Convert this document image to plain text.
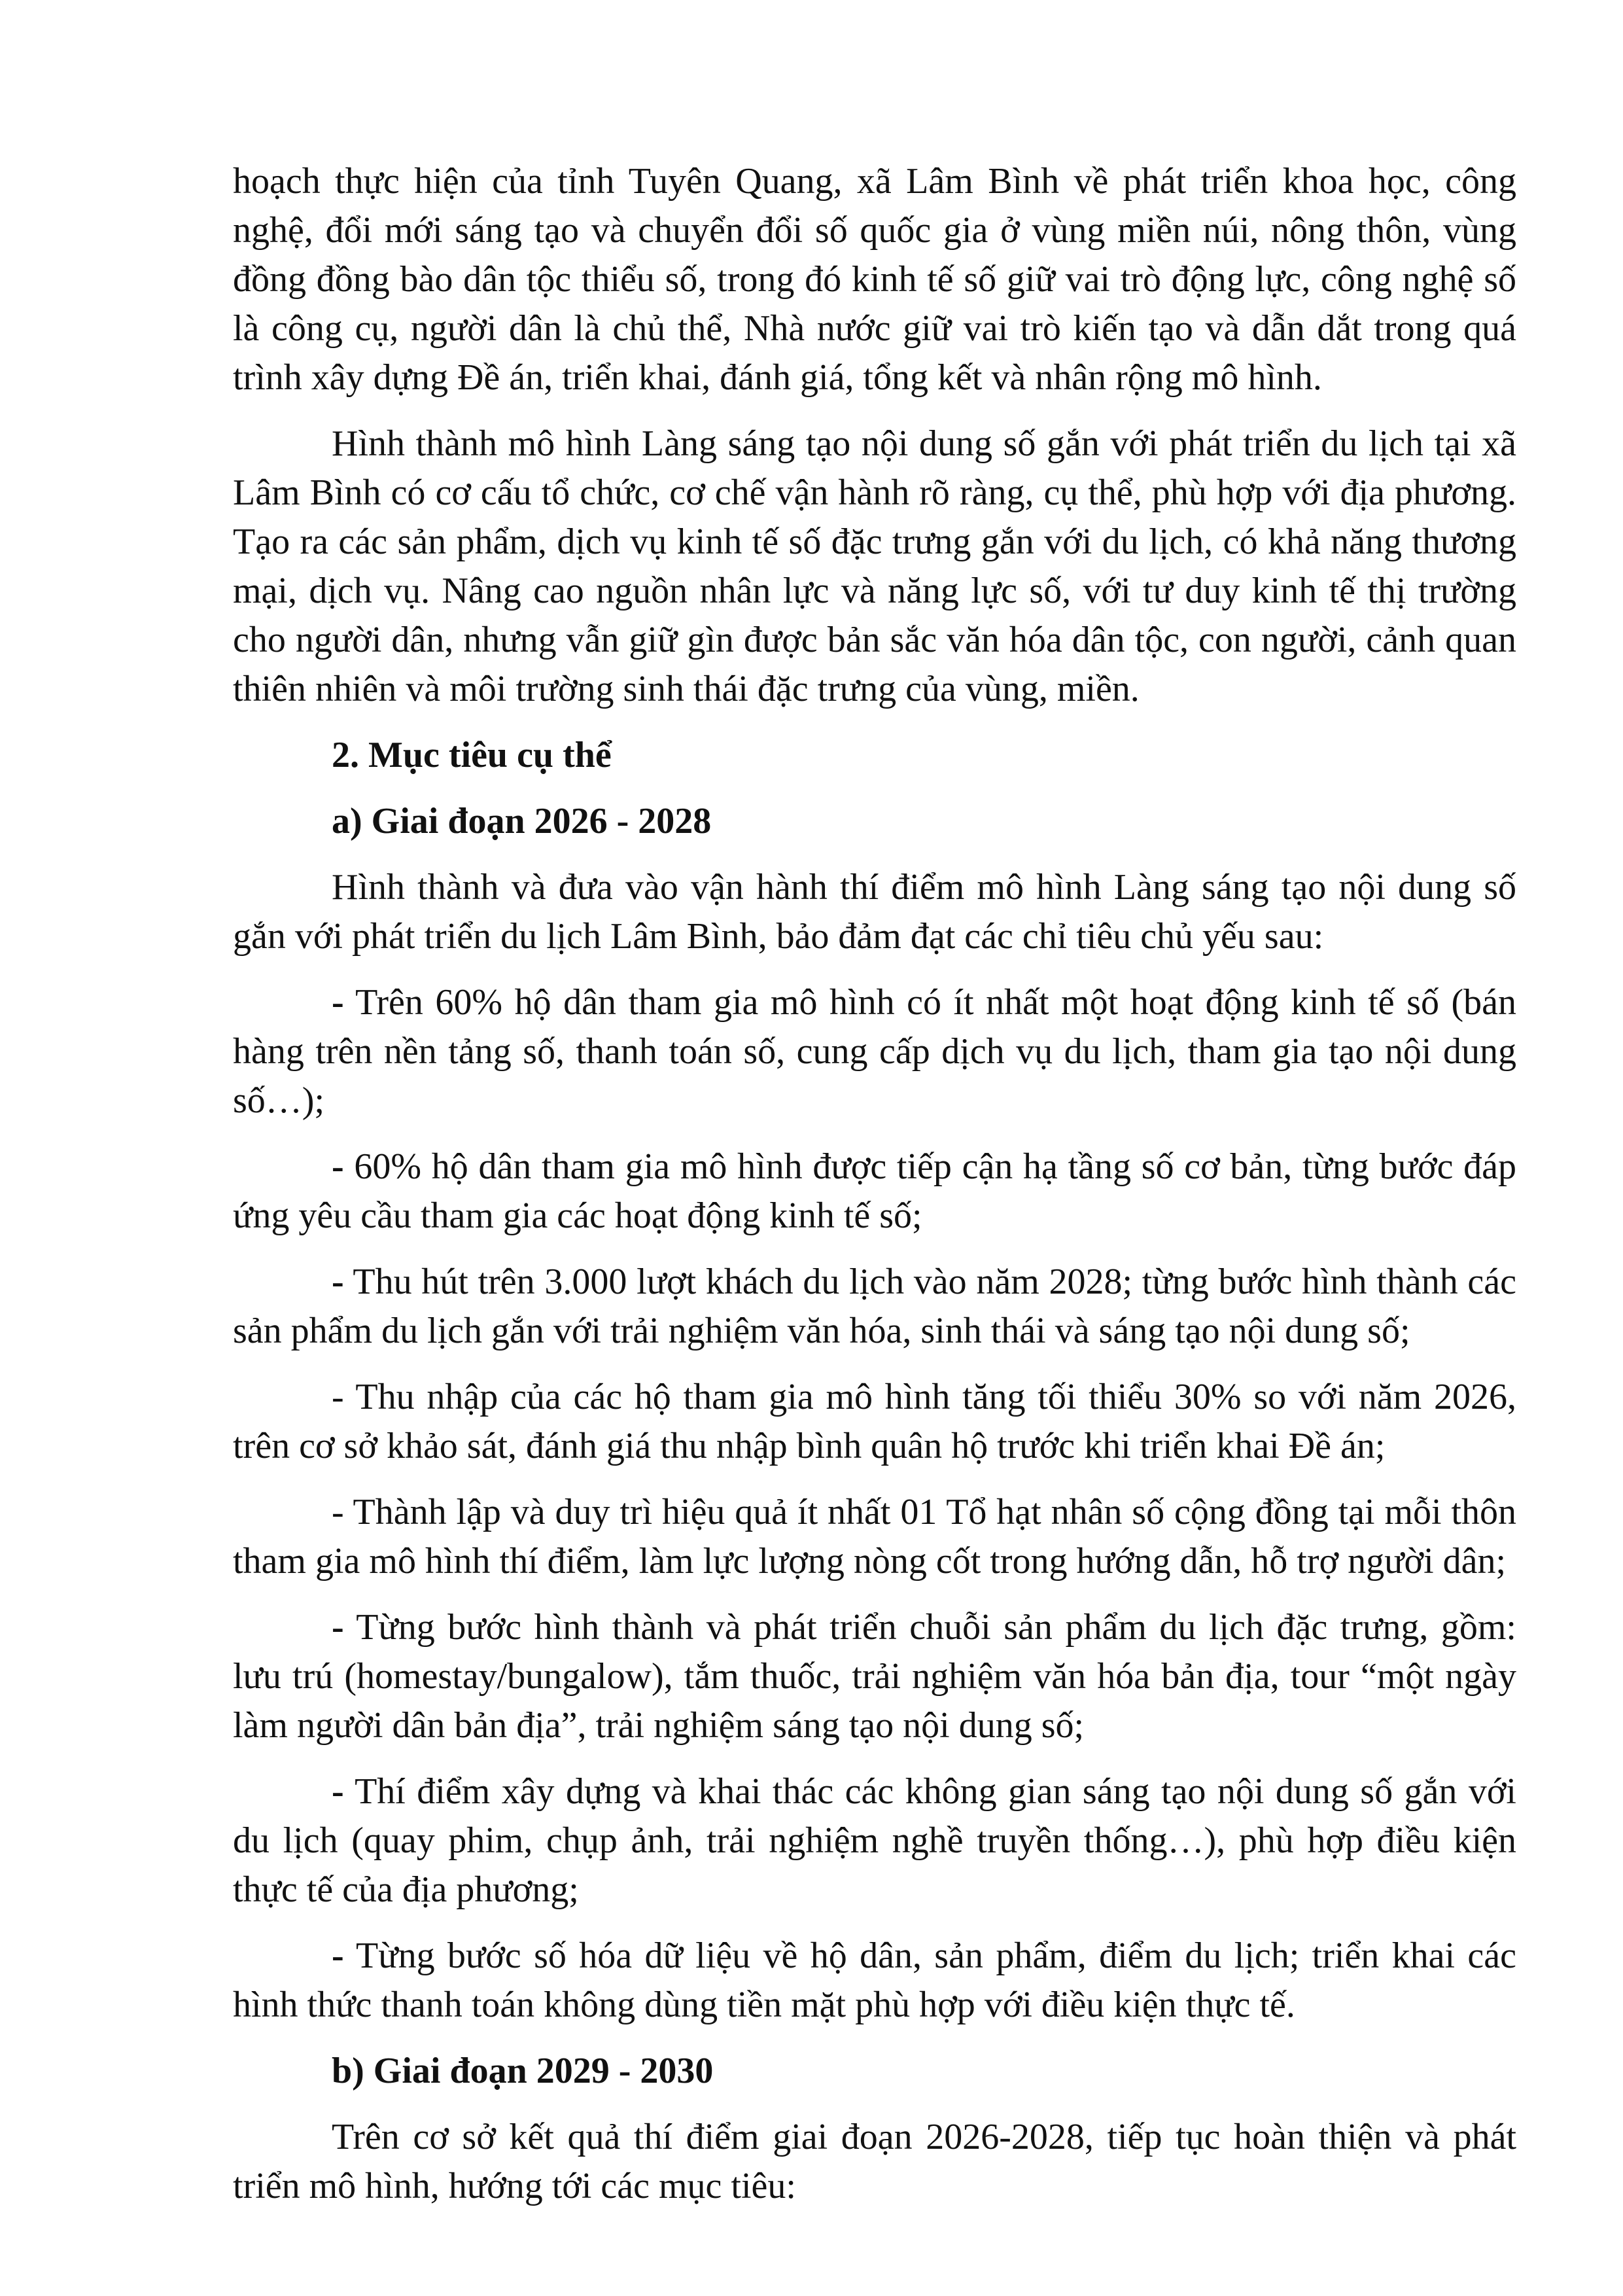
hoạch thực hiện của tỉnh Tuyên Quang, xã Lâm Bình về phát triển khoa học, công nghệ, đổi mới sáng tạo và chuyển đổi số quốc gia ở vùng miền núi, nông thôn, vùng đồng đồng bào dân tộc thiểu số, trong đó kinh tế số giữ vai trò động lực, công nghệ số là công cụ, người dân là chủ thể, Nhà nước giữ vai trò kiến tạo và dẫn dắt trong quá trình xây dựng Đề án, triển khai, đánh giá, tổng kết và nhân rộng mô hình.

Hình thành mô hình Làng sáng tạo nội dung số gắn với phát triển du lịch tại xã Lâm Bình có cơ cấu tổ chức, cơ chế vận hành rõ ràng, cụ thể, phù hợp với địa phương. Tạo ra các sản phẩm, dịch vụ kinh tế số đặc trưng gắn với du lịch, có khả năng thương mại, dịch vụ. Nâng cao nguồn nhân lực và năng lực số, với tư duy kinh tế thị trường cho người dân, nhưng vẫn giữ gìn được bản sắc văn hóa dân tộc, con người, cảnh quan thiên nhiên và môi trường sinh thái đặc trưng của vùng, miền.

2. Mục tiêu cụ thể

a) Giai đoạn 2026 - 2028

Hình thành và đưa vào vận hành thí điểm mô hình Làng sáng tạo nội dung số gắn với phát triển du lịch Lâm Bình, bảo đảm đạt các chỉ tiêu chủ yếu sau:

- Trên 60% hộ dân tham gia mô hình có ít nhất một hoạt động kinh tế số (bán hàng trên nền tảng số, thanh toán số, cung cấp dịch vụ du lịch, tham gia tạo nội dung số…);

- 60% hộ dân tham gia mô hình được tiếp cận hạ tầng số cơ bản, từng bước đáp ứng yêu cầu tham gia các hoạt động kinh tế số;

- Thu hút trên 3.000 lượt khách du lịch vào năm 2028; từng bước hình thành các sản phẩm du lịch gắn với trải nghiệm văn hóa, sinh thái và sáng tạo nội dung số;

- Thu nhập của các hộ tham gia mô hình tăng tối thiểu 30% so với năm 2026, trên cơ sở khảo sát, đánh giá thu nhập bình quân hộ trước khi triển khai Đề án;

- Thành lập và duy trì hiệu quả ít nhất 01 Tổ hạt nhân số cộng đồng tại mỗi thôn tham gia mô hình thí điểm, làm lực lượng nòng cốt trong hướng dẫn, hỗ trợ người dân;

- Từng bước hình thành và phát triển chuỗi sản phẩm du lịch đặc trưng, gồm: lưu trú (homestay/bungalow), tắm thuốc, trải nghiệm văn hóa bản địa, tour “một ngày làm người dân bản địa”, trải nghiệm sáng tạo nội dung số;

- Thí điểm xây dựng và khai thác các không gian sáng tạo nội dung số gắn với du lịch (quay phim, chụp ảnh, trải nghiệm nghề truyền thống…), phù hợp điều kiện thực tế của địa phương;

- Từng bước số hóa dữ liệu về hộ dân, sản phẩm, điểm du lịch; triển khai các hình thức thanh toán không dùng tiền mặt phù hợp với điều kiện thực tế.

b) Giai đoạn 2029 - 2030

Trên cơ sở kết quả thí điểm giai đoạn 2026-2028, tiếp tục hoàn thiện và phát triển mô hình, hướng tới các mục tiêu:
